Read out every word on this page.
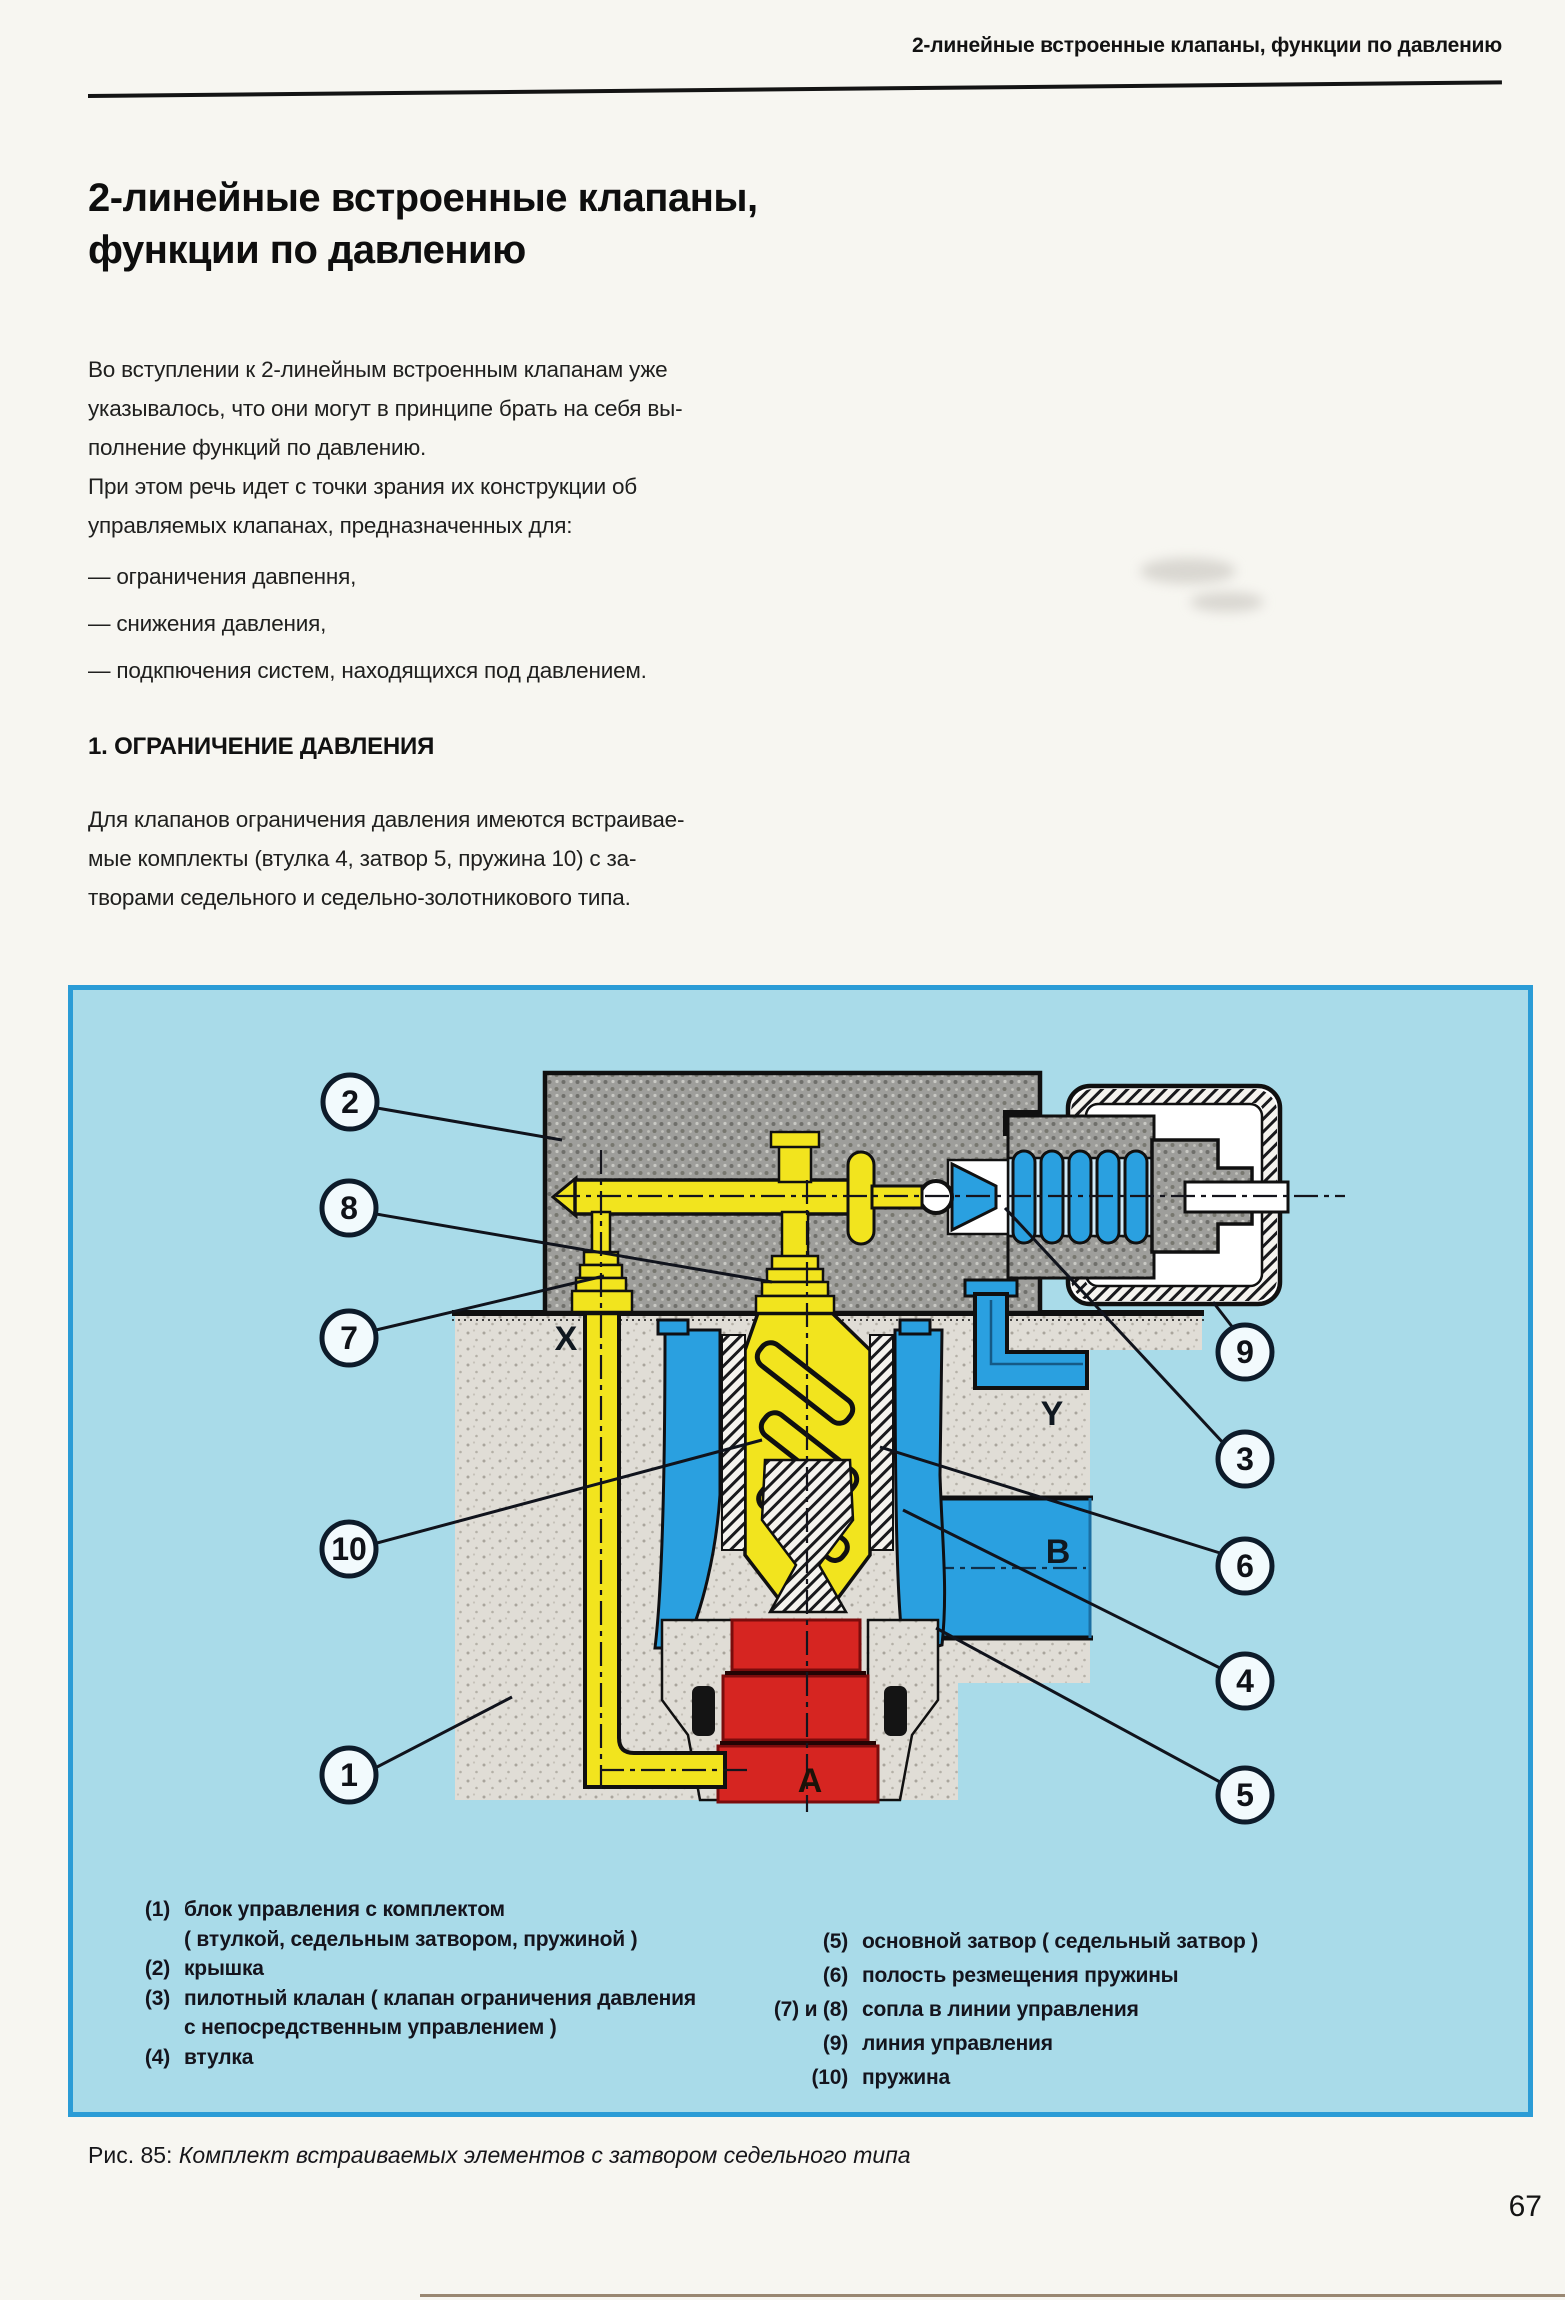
2-линейные встроенные клапаны, функции по давлению
2-линейные встроенные клапаны,
функции по давлению
Во вступлении к 2-линейным встроенным клапанам уже
указывалось, что они могут в принципе брать на себя вы-
полнение функций по давлению.
При этом речь идет с точки зрания их конструкции об
управляемых клапанах, предназначенных для:
— ограничения давпення,
— снижения давления,
— подкпючения систем, находящихся под давлением.
1. ОГРАНИЧЕНИЕ ДАВЛЕНИЯ
Для клапанов ограничения давления имеются встраивае-
мые комплекты (втулка 4, затвор 5, пружина 10) с за-
творами седельного и седельно-золотникового типа.
2
8
7
10
1
9
3
6
4
5
X
Y
B
A
(1) блок управления с комплектом
( втулкой, седельным затвором, пружиной )
(2) крышка
(3) пилотный клалан ( клапан ограничения давления
с непосредственным управлением )
(4) втулка
(5) основной затвор ( седельный затвор )
(6) полость резмещения пружины
(7) и (8) сопла в линии управления
(9) линия управления
(10) пружина
Рис. 85: Комплект встраиваемых элементов с затвором седельного типа
67
